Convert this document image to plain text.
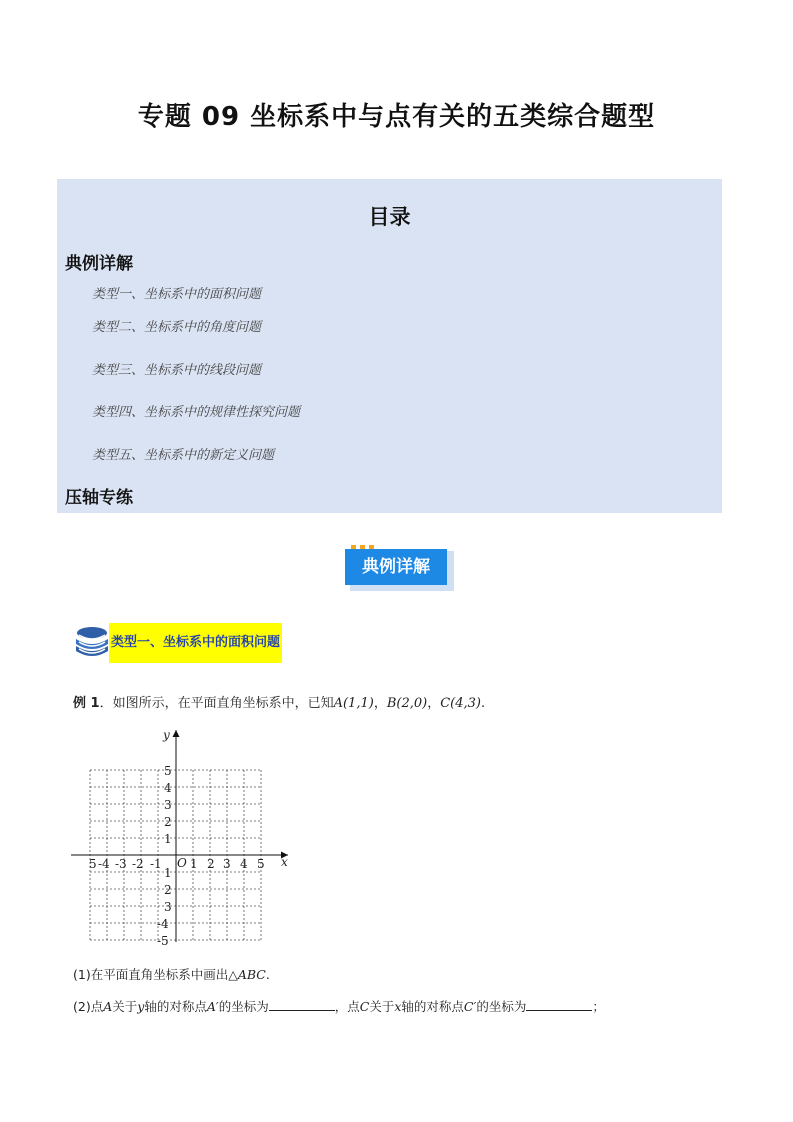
专题 09 坐标系中与点有关的五类综合题型
目录
典例详解
类型一、坐标系中的面积问题
类型二、坐标系中的角度问题
类型三、坐标系中的线段问题
类型四、坐标系中的规律性探究问题
类型五、坐标系中的新定义问题
压轴专练
典例详解
类型一、坐标系中的面积问题
例 1．如图所示，在平面直角坐标系中，已知A(1,1)，B(2,0)，C(4,3).
x
y
O
5 -4 -3 -2 -1 1 2 3 4 5
5
4
3
2
1
1
2
3
-4
-5
(1)在平面直角坐标系中画出△ABC.
(2)点A关于y轴的对称点A′的坐标为	，点C关于x轴的对称点C′的坐标为	；
